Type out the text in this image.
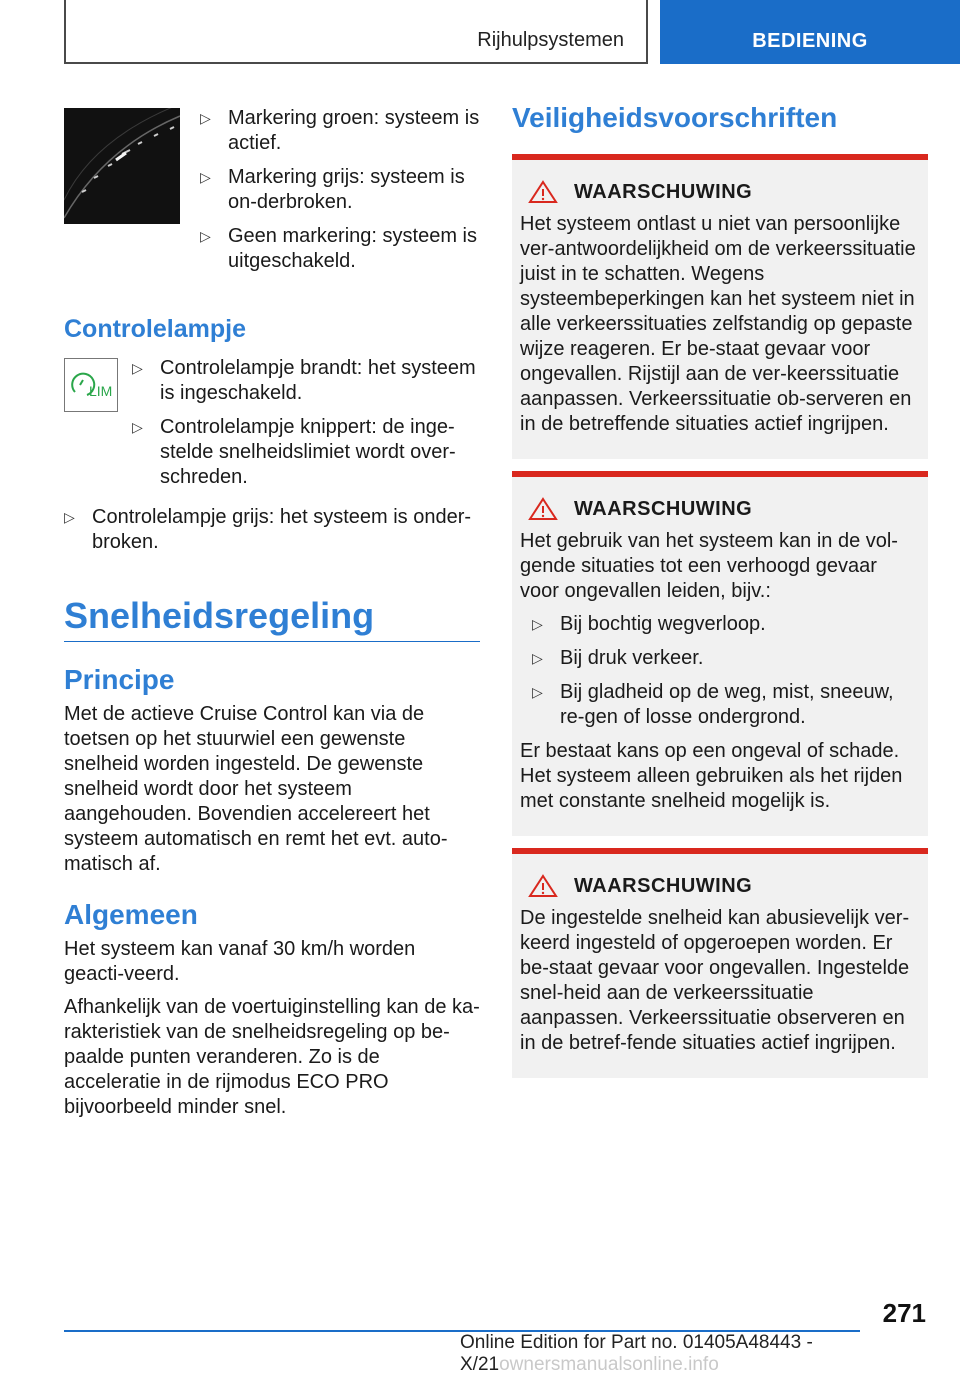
Rijhulpsystemen	BEDIENING
▷ Markering groen: systeem is actief.
▷ Markering grijs: systeem is on‐derbroken.
▷ Geen markering: systeem is uitgeschakeld.
Controlelampje
LIM
▷ Controlelampje brandt: het systeem is ingeschakeld.
▷ Controlelampje knippert: de inge‐stelde snelheidslimiet wordt over‐schreden.
▷ Controlelampje grijs: het systeem is onder‐broken.
Snelheidsregeling
Principe

Met de actieve Cruise Control kan via de toetsen op het stuurwiel een gewenste snelheid worden ingesteld. De gewenste snelheid wordt door het systeem aangehouden. Bovendien accelereert het systeem automatisch en remt het evt. auto‐matisch af.

Algemeen

Het systeem kan vanaf 30 km/h worden geacti‐veerd.

Afhankelijk van de voertuiginstelling kan de ka‐rakteristiek van de snelheidsregeling op be‐paalde punten veranderen. Zo is de acceleratie in de rijmodus ECO PRO bijvoorbeeld minder snel.

Veiligheidsvoorschriften
WAARSCHUWING

Het systeem ontlast u niet van persoonlijke ver‐antwoordelijkheid om de verkeerssituatie juist in te schatten. Wegens systeembeperkingen kan het systeem niet in alle verkeerssituaties zelfstandig op gepaste wijze reageren. Er be‐staat gevaar voor ongevallen. Rijstijl aan de ver‐keerssituatie aanpassen. Verkeerssituatie ob‐serveren en in de betreffende situaties actief ingrijpen.

WAARSCHUWING

Het gebruik van het systeem kan in de vol‐gende situaties tot een verhoogd gevaar voor ongevallen leiden, bijv.:

▷ Bij bochtig wegverloop.
▷ Bij druk verkeer.
▷ Bij gladheid op de weg, mist, sneeuw, re‐gen of losse ondergrond.

Er bestaat kans op een ongeval of schade. Het systeem alleen gebruiken als het rijden met constante snelheid mogelijk is.

WAARSCHUWING

De ingestelde snelheid kan abusievelijk ver‐keerd ingesteld of opgeroepen worden. Er be‐staat gevaar voor ongevallen. Ingestelde snel‐heid aan de verkeerssituatie aanpassen. Verkeerssituatie observeren en in de betref‐fende situaties actief ingrijpen.

271
Online Edition for Part no. 01405A48443 - X/21ownersmanualsonline.info
